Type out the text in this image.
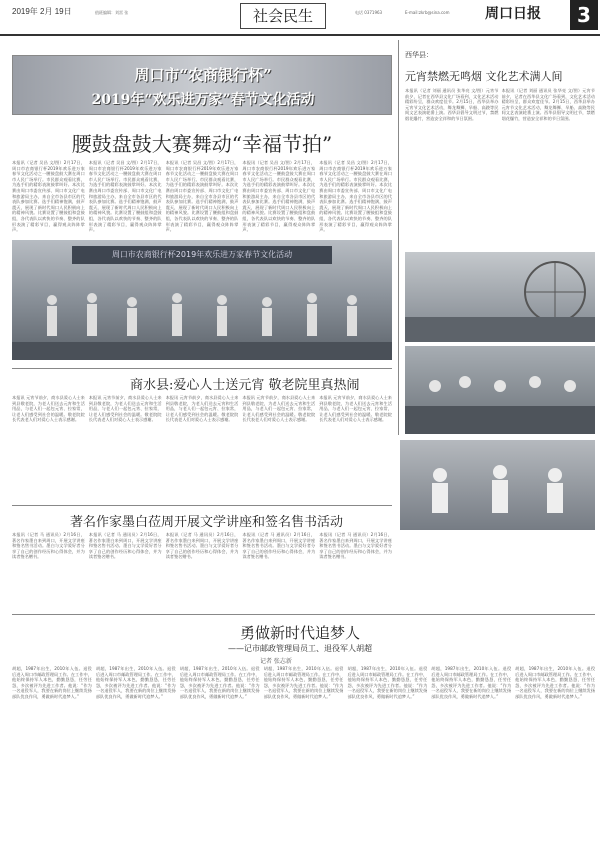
2019年 2月 19日	值班编辑：刘雷 张	社会民生	电话 0371963	E-mail:zkrb@sina.com	周口日报	3
周口市“农商银行杯”
2019年“欢乐进万家”春节文化活动
腰鼓盘鼓大赛舞动“幸福节拍”
本报讯（记者 吴昌 文/图）2月17日，周口市农商银行杯2019年欢乐进万家春节文化活动之一腰鼓盘鼓大赛在周口市人民广场举行。市民群众观看比赛，为选手们的精彩表演鼓掌叫好。本次比赛由周口市委宣传部、周口市文化广电和旅游局主办，来自全市各县市区的代表队参加比赛。选手们精神饱满，鼓声震天，展现了新时代周口人民积极向上的精神风貌。比赛设置了腰鼓组和盘鼓组，各代表队以欢快的节奏、整齐的队形表演了精彩节目，赢得观众阵阵掌声。
本报讯（记者 吴昌 文/图）2月17日，周口市农商银行杯2019年欢乐进万家春节文化活动之一腰鼓盘鼓大赛在周口市人民广场举行。市民群众观看比赛，为选手们的精彩表演鼓掌叫好。本次比赛由周口市委宣传部、周口市文化广电和旅游局主办，来自全市各县市区的代表队参加比赛。选手们精神饱满，鼓声震天，展现了新时代周口人民积极向上的精神风貌。比赛设置了腰鼓组和盘鼓组，各代表队以欢快的节奏、整齐的队形表演了精彩节目，赢得观众阵阵掌声。
本报讯（记者 吴昌 文/图）2月17日，周口市农商银行杯2019年欢乐进万家春节文化活动之一腰鼓盘鼓大赛在周口市人民广场举行。市民群众观看比赛，为选手们的精彩表演鼓掌叫好。本次比赛由周口市委宣传部、周口市文化广电和旅游局主办，来自全市各县市区的代表队参加比赛。选手们精神饱满，鼓声震天，展现了新时代周口人民积极向上的精神风貌。比赛设置了腰鼓组和盘鼓组，各代表队以欢快的节奏、整齐的队形表演了精彩节目，赢得观众阵阵掌声。
本报讯（记者 吴昌 文/图）2月17日，周口市农商银行杯2019年欢乐进万家春节文化活动之一腰鼓盘鼓大赛在周口市人民广场举行。市民群众观看比赛，为选手们的精彩表演鼓掌叫好。本次比赛由周口市委宣传部、周口市文化广电和旅游局主办，来自全市各县市区的代表队参加比赛。选手们精神饱满，鼓声震天，展现了新时代周口人民积极向上的精神风貌。比赛设置了腰鼓组和盘鼓组，各代表队以欢快的节奏、整齐的队形表演了精彩节目，赢得观众阵阵掌声。
本报讯（记者 吴昌 文/图）2月17日，周口市农商银行杯2019年欢乐进万家春节文化活动之一腰鼓盘鼓大赛在周口市人民广场举行。市民群众观看比赛，为选手们的精彩表演鼓掌叫好。本次比赛由周口市委宣传部、周口市文化广电和旅游局主办，来自全市各县市区的代表队参加比赛。选手们精神饱满，鼓声震天，展现了新时代周口人民积极向上的精神风貌。比赛设置了腰鼓组和盘鼓组，各代表队以欢快的节奏、整齐的队形表演了精彩节目，赢得观众阵阵掌声。
周口市农商银行杯2019年欢乐进万家春节文化活动
西华县：
元宵禁燃无鸣烟 文化艺术满人间
本报讯（记者 刘丽 通讯员 张华亮 文/图）元宵节前夕，记者在西华县文化广场看到，文化艺术活动精彩纷呈，群众欢度佳节。2月15日，西华县举办元宵节文化艺术活动，舞龙舞狮、旱船、高跷等民间文艺表演轮番上演。西华县倡导文明过节，禁燃烟花爆竹，营造安全祥和的节日氛围。
本报讯（记者 刘丽 通讯员 张华亮 文/图）元宵节前夕，记者在西华县文化广场看到，文化艺术活动精彩纷呈，群众欢度佳节。2月15日，西华县举办元宵节文化艺术活动，舞龙舞狮、旱船、高跷等民间文艺表演轮番上演。西华县倡导文明过节，禁燃烟花爆竹，营造安全祥和的节日氛围。
商水县:爱心人士送元宵 敬老院里真热闹
本报讯 元宵节前夕，商水县爱心人士来到县敬老院，为老人们送去元宵和生活用品，与老人们一起包元宵、拉家常，让老人们感受到社会的温暖。敬老院院长代表老人们对爱心人士表示感谢。
本报讯 元宵节前夕，商水县爱心人士来到县敬老院，为老人们送去元宵和生活用品，与老人们一起包元宵、拉家常，让老人们感受到社会的温暖。敬老院院长代表老人们对爱心人士表示感谢。
本报讯 元宵节前夕，商水县爱心人士来到县敬老院，为老人们送去元宵和生活用品，与老人们一起包元宵、拉家常，让老人们感受到社会的温暖。敬老院院长代表老人们对爱心人士表示感谢。
本报讯 元宵节前夕，商水县爱心人士来到县敬老院，为老人们送去元宵和生活用品，与老人们一起包元宵、拉家常，让老人们感受到社会的温暖。敬老院院长代表老人们对爱心人士表示感谢。
本报讯 元宵节前夕，商水县爱心人士来到县敬老院，为老人们送去元宵和生活用品，与老人们一起包元宵、拉家常，让老人们感受到社会的温暖。敬老院院长代表老人们对爱心人士表示感谢。
著名作家墨白莅周开展文学讲座和签名售书活动
本报讯（记者 马 通讯员）2月16日，著名作家墨白来到周口，开展文学讲座和签名售书活动。墨白与文学爱好者分享了自己的创作经历和心得体会，并为读者签名赠书。
本报讯（记者 马 通讯员）2月16日，著名作家墨白来到周口，开展文学讲座和签名售书活动。墨白与文学爱好者分享了自己的创作经历和心得体会，并为读者签名赠书。
本报讯（记者 马 通讯员）2月16日，著名作家墨白来到周口，开展文学讲座和签名售书活动。墨白与文学爱好者分享了自己的创作经历和心得体会，并为读者签名赠书。
本报讯（记者 马 通讯员）2月16日，著名作家墨白来到周口，开展文学讲座和签名售书活动。墨白与文学爱好者分享了自己的创作经历和心得体会，并为读者签名赠书。
本报讯（记者 马 通讯员）2月16日，著名作家墨白来到周口，开展文学讲座和签名售书活动。墨白与文学爱好者分享了自己的创作经历和心得体会，并为读者签名赠书。
勇做新时代追梦人
——记市邮政管理局员工、退役军人胡超
记者 张志新
胡超，1987年出生，2010年入伍。退役后进入周口市邮政管理局工作。在工作中，他始终保持军人本色，勤勤恳恳，任劳任怨，多次被评为先进工作者。他说：“作为一名退役军人，我要在新的岗位上继续发扬部队优良作风，勇做新时代追梦人。”
胡超，1987年出生，2010年入伍。退役后进入周口市邮政管理局工作。在工作中，他始终保持军人本色，勤勤恳恳，任劳任怨，多次被评为先进工作者。他说：“作为一名退役军人，我要在新的岗位上继续发扬部队优良作风，勇做新时代追梦人。”
胡超，1987年出生，2010年入伍。退役后进入周口市邮政管理局工作。在工作中，他始终保持军人本色，勤勤恳恳，任劳任怨，多次被评为先进工作者。他说：“作为一名退役军人，我要在新的岗位上继续发扬部队优良作风，勇做新时代追梦人。”
胡超，1987年出生，2010年入伍。退役后进入周口市邮政管理局工作。在工作中，他始终保持军人本色，勤勤恳恳，任劳任怨，多次被评为先进工作者。他说：“作为一名退役军人，我要在新的岗位上继续发扬部队优良作风，勇做新时代追梦人。”
胡超，1987年出生，2010年入伍。退役后进入周口市邮政管理局工作。在工作中，他始终保持军人本色，勤勤恳恳，任劳任怨，多次被评为先进工作者。他说：“作为一名退役军人，我要在新的岗位上继续发扬部队优良作风，勇做新时代追梦人。”
胡超，1987年出生，2010年入伍。退役后进入周口市邮政管理局工作。在工作中，他始终保持军人本色，勤勤恳恳，任劳任怨，多次被评为先进工作者。他说：“作为一名退役军人，我要在新的岗位上继续发扬部队优良作风，勇做新时代追梦人。”
胡超，1987年出生，2010年入伍。退役后进入周口市邮政管理局工作。在工作中，他始终保持军人本色，勤勤恳恳，任劳任怨，多次被评为先进工作者。他说：“作为一名退役军人，我要在新的岗位上继续发扬部队优良作风，勇做新时代追梦人。”
